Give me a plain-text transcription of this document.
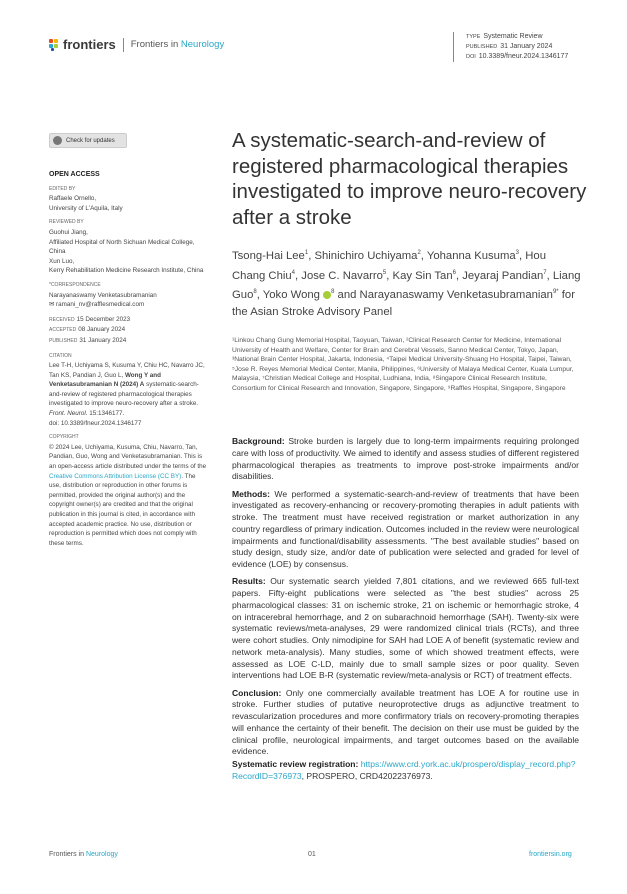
frontiers Frontiers in Neurology
TYPE Systematic Review
PUBLISHED 31 January 2024
DOI 10.3389/fneur.2024.1346177
Check for updates
OPEN ACCESS
EDITED BY
Raffaele Ornello,
University of L'Aquila, Italy
REVIEWED BY
Guohui Jiang,
Affiliated Hospital of North Sichuan Medical College, China
Xun Luo,
Kerry Rehabilitation Medicine Research Institute, China
*CORRESPONDENCE
Narayanaswamy Venketasubramanian
✉ ramani_nv@rafflesmedical.com
RECEIVED 15 December 2023
ACCEPTED 08 January 2024
PUBLISHED 31 January 2024
CITATION
Lee T-H, Uchiyama S, Kusuma Y, Chiu HC, Navarro JC, Tan KS, Pandian J, Guo L, Wong Y and Venketasubramanian N (2024) A systematic-search-and-review of registered pharmacological therapies investigated to improve neuro-recovery after a stroke. Front. Neurol. 15:1346177.
doi: 10.3389/fneur.2024.1346177
COPYRIGHT
© 2024 Lee, Uchiyama, Kusuma, Chiu, Navarro, Tan, Pandian, Guo, Wong and Venketasubramanian. This is an open-access article distributed under the terms of the Creative Commons Attribution License (CC BY). The use, distribution or reproduction in other forums is permitted, provided the original author(s) and the copyright owner(s) are credited and that the original publication in this journal is cited, in accordance with accepted academic practice. No use, distribution or reproduction is permitted which does not comply with these terms.
A systematic-search-and-review of registered pharmacological therapies investigated to improve neuro-recovery after a stroke
Tsong-Hai Lee$^1$, Shinichiro Uchiyama$^2$, Yohanna Kusuma$^3$, Hou Chang Chiu$^4$, Jose C. Navarro$^5$, Kay Sin Tan$^6$, Jeyaraj Pandian$^7$, Liang Guo$^8$, Yoko Wong $^8$ and Narayanaswamy Venketasubramanian$^{9*}$ for the Asian Stroke Advisory Panel
¹Linkou Chang Gung Memorial Hospital, Taoyuan, Taiwan, ²Clinical Research Center for Medicine, International University of Health and Welfare, Center for Brain and Cerebral Vessels, Sanno Medical Center, Tokyo, Japan, ³National Brain Center Hospital, Jakarta, Indonesia, ⁴Taipei Medical University-Shuang Ho Hospital, Taipei, Taiwan, ⁵Jose R. Reyes Memorial Medical Center, Manila, Philippines, ⁶University of Malaya Medical Center, Kuala Lumpur, Malaysia, ⁷Christian Medical College and Hospital, Ludhiana, India, ⁸Singapore Clinical Research Institute, Consortium for Clinical Research and Innovation, Singapore, Singapore, ⁹Raffles Hospital, Singapore, Singapore

Background: Stroke burden is largely due to long-term impairments requiring prolonged care with loss of productivity. We aimed to identify and assess studies of different registered pharmacological therapies as treatments to improve post-stroke impairments and/or disabilities.

Methods: We performed a systematic-search-and-review of treatments that have been investigated as recovery-enhancing or recovery-promoting therapies in adult patients with stroke. The treatment must have received registration or market authorization in any country regardless of primary indication. Outcomes included in the review were neurological impairments and functional/disability assessments. "The best available studies" based on study design, study size, and/or date of publication were selected and graded for level of evidence (LOE) by consensus.

Results: Our systematic search yielded 7,801 citations, and we reviewed 665 full-text papers. Fifty-eight publications were selected as "the best studies" across 25 pharmacological classes: 31 on ischemic stroke, 21 on ischemic or hemorrhagic stroke, 4 on intracerebral hemorrhage, and 2 on subarachnoid hemorrhage (SAH). Twenty-six were systematic reviews/meta-analyses, 29 were randomized clinical trials (RCTs), and three were cohort studies. Only nimodipine for SAH had LOE A of benefit (systematic review and network meta-analysis). Many studies, some of which showed treatment effects, were assessed as LOE C-LD, mainly due to small sample sizes or poor quality. Seven interventions had LOE B-R (systematic review/meta-analysis or RCT) of treatment effects.

Conclusion: Only one commercially available treatment has LOE A for routine use in stroke. Further studies of putative neuroprotective drugs as adjunctive treatment to revascularization procedures and more confirmatory trials on recovery-promoting therapies will enhance the certainty of their benefit. The decision on their use must be guided by the clinical profile, neurological impairments, and target outcomes based on the available evidence.

Systematic review registration: https://www.crd.york.ac.uk/prospero/display_record.php?RecordID=376973, PROSPERO, CRD42022376973.

Frontiers in Neurology	01	frontiersin.org
